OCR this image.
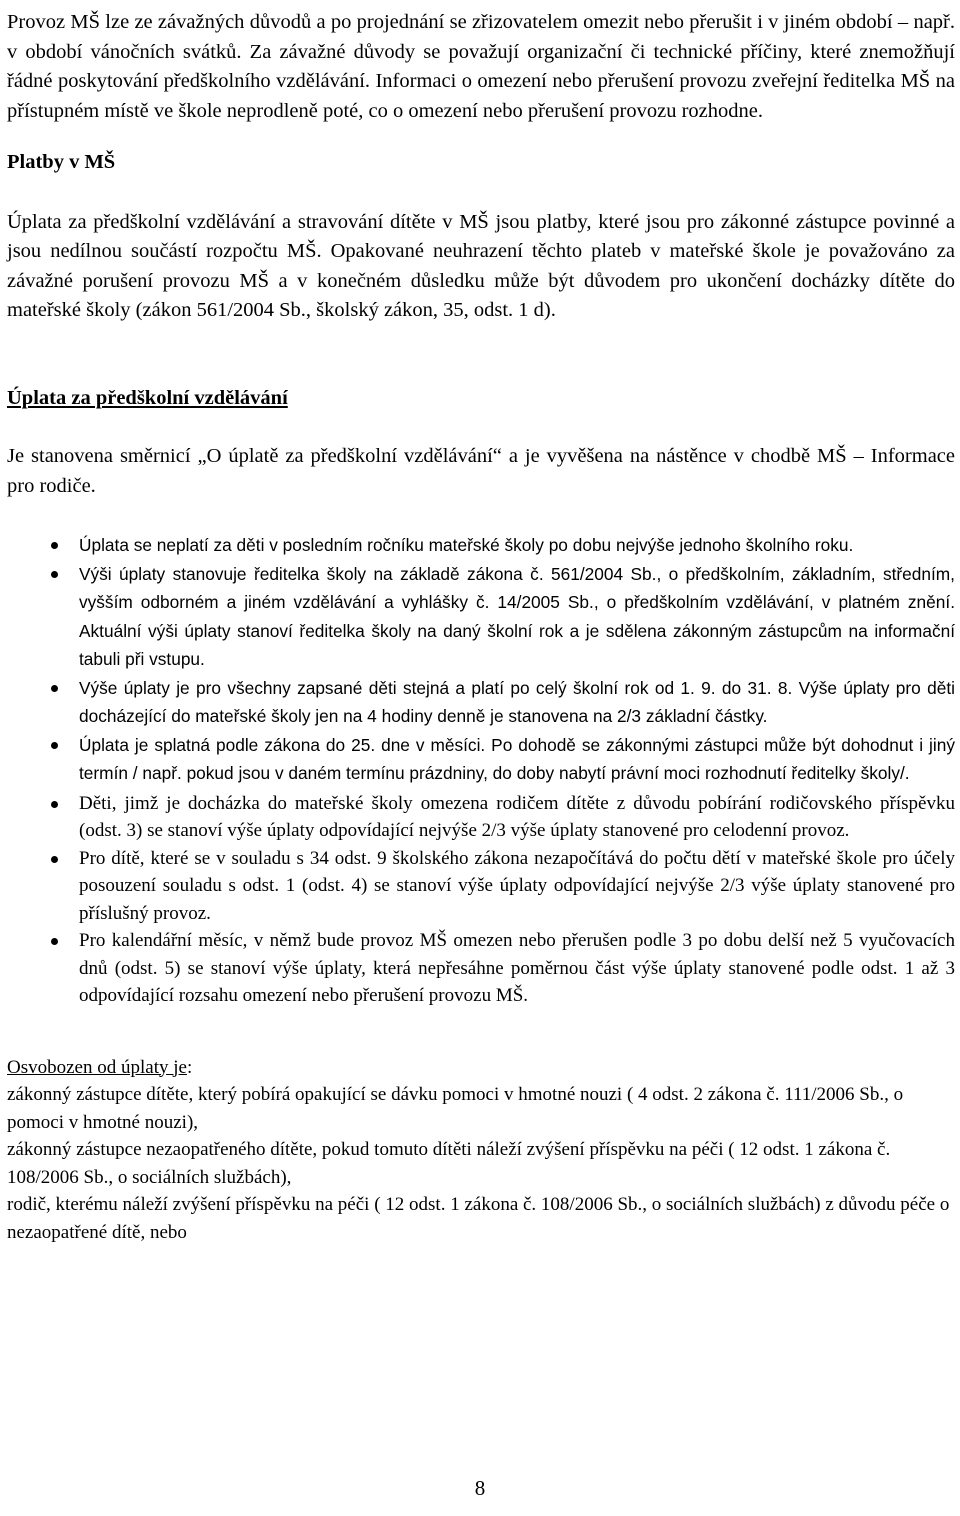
Provoz MŠ lze ze závažných důvodů a po projednání se zřizovatelem omezit nebo přerušit i v jiném období – např. v období vánočních svátků. Za závažné důvody se považují organizační či technické příčiny, které znemožňují řádné poskytování předškolního vzdělávání. Informaci o omezení nebo přerušení provozu zveřejní ředitelka MŠ na přístupném místě ve škole neprodleně poté, co o omezení nebo přerušení provozu rozhodne.

Platby v MŠ

Úplata za předškolní vzdělávání a stravování dítěte v MŠ jsou platby, které jsou pro zákonné zástupce povinné a jsou nedílnou součástí rozpočtu MŠ. Opakované neuhrazení těchto plateb v mateřské škole je považováno za závažné porušení provozu MŠ a v konečném důsledku může být důvodem pro ukončení docházky dítěte do mateřské školy (zákon 561/2004 Sb., školský zákon, 35, odst. 1 d).

Úplata za předškolní vzdělávání

Je stanovena směrnicí „O úplatě za předškolní vzdělávání“ a je vyvěšena na nástěnce v chodbě MŠ – Informace pro rodiče.

Úplata se neplatí za děti v posledním ročníku mateřské školy po dobu nejvýše jednoho školního roku.
Výši úplaty stanovuje ředitelka školy na základě zákona č. 561/2004 Sb., o předškolním, základním, středním, vyšším odborném a jiném vzdělávání a vyhlášky č. 14/2005 Sb., o předškolním vzdělávání, v platném znění. Aktuální výši úplaty stanoví ředitelka školy na daný školní rok a je sdělena zákonným zástupcům na informační tabuli při vstupu.
Výše úplaty je pro všechny zapsané děti stejná a platí po celý školní rok od 1. 9. do 31. 8. Výše úplaty pro děti docházející do mateřské školy jen na 4 hodiny denně je stanovena na 2/3 základní částky.
Úplata je splatná podle zákona do 25. dne v měsíci. Po dohodě se zákonnými zástupci může být dohodnut i jiný termín / např. pokud jsou v daném termínu prázdniny, do doby nabytí právní moci rozhodnutí ředitelky školy/.
Děti, jimž je docházka do mateřské školy omezena rodičem dítěte z důvodu pobírání rodičovského příspěvku (odst. 3) se stanoví výše úplaty odpovídající nejvýše 2/3 výše úplaty stanovené pro celodenní provoz.
Pro dítě, které se v souladu s 34 odst. 9 školského zákona nezapočítává do počtu dětí v mateřské škole pro účely posouzení souladu s odst. 1 (odst. 4) se stanoví výše úplaty odpovídající nejvýše 2/3 výše úplaty stanovené pro příslušný provoz.
Pro kalendářní měsíc, v němž bude provoz MŠ omezen nebo přerušen podle 3 po dobu delší než 5 vyučovacích dnů (odst. 5) se stanoví výše úplaty, která nepřesáhne poměrnou část výše úplaty stanovené podle odst. 1 až 3 odpovídající rozsahu omezení nebo přerušení provozu MŠ.

Osvobozen od úplaty je:

zákonný zástupce dítěte, který pobírá opakující se dávku pomoci v hmotné nouzi ( 4 odst. 2 zákona č. 111/2006 Sb., o pomoci v hmotné nouzi),

zákonný zástupce nezaopatřeného dítěte, pokud tomuto dítěti náleží zvýšení příspěvku na péči ( 12 odst. 1 zákona č. 108/2006 Sb., o sociálních službách),

rodič, kterému náleží zvýšení příspěvku na péči ( 12 odst. 1 zákona č. 108/2006 Sb., o sociálních službách) z důvodu péče o nezaopatřené dítě, nebo

8
